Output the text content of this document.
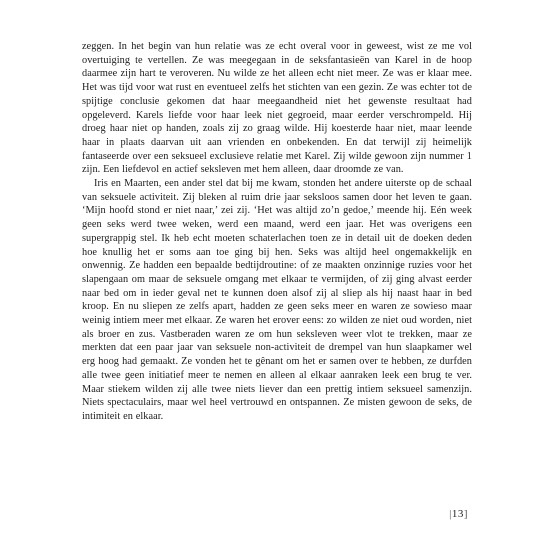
zeggen. In het begin van hun relatie was ze echt overal voor in geweest, wist ze me vol overtuiging te vertellen. Ze was meegegaan in de seksfantasieën van Karel in de hoop daarmee zijn hart te veroveren. Nu wilde ze het alleen echt niet meer. Ze was er klaar mee. Het was tijd voor wat rust en eventueel zelfs het stichten van een gezin. Ze was echter tot de spijtige conclusie gekomen dat haar meegaandheid niet het gewenste resultaat had opgeleverd. Karels liefde voor haar leek niet gegroeid, maar eerder verschrompeld. Hij droeg haar niet op handen, zoals zij zo graag wilde. Hij koesterde haar niet, maar leende haar in plaats daarvan uit aan vrienden en onbekenden. En dat terwijl zij heimelijk fantaseerde over een seksueel exclusieve relatie met Karel. Zij wilde gewoon zijn nummer 1 zijn. Een liefdevol en actief seksleven met hem alleen, daar droomde ze van.

Iris en Maarten, een ander stel dat bij me kwam, stonden het andere uiterste op de schaal van seksuele activiteit. Zij bleken al ruim drie jaar seksloos samen door het leven te gaan. ‘Mijn hoofd stond er niet naar,’ zei zij. ‘Het was altijd zo’n gedoe,’ meende hij. Eén week geen seks werd twee weken, werd een maand, werd een jaar. Het was overigens een supergrappig stel. Ik heb echt moeten schaterlachen toen ze in detail uit de doeken deden hoe knullig het er soms aan toe ging bij hen. Seks was altijd heel ongemakkelijk en onwennig. Ze hadden een bepaalde bedtijdroutine: of ze maakten onzinnige ruzies voor het slapengaan om maar de seksuele omgang met elkaar te vermijden, of zij ging alvast eerder naar bed om in ieder geval net te kunnen doen alsof zij al sliep als hij naast haar in bed kroop. En nu sliepen ze zelfs apart, hadden ze geen seks meer en waren ze sowieso maar weinig intiem meer met elkaar. Ze waren het erover eens: zo wilden ze niet oud worden, niet als broer en zus. Vastberaden waren ze om hun seksleven weer vlot te trekken, maar ze merkten dat een paar jaar van seksuele non-activiteit de drempel van hun slaapkamer wel erg hoog had gemaakt. Ze vonden het te gênant om het er samen over te hebben, ze durfden alle twee geen initiatief meer te nemen en alleen al elkaar aanraken leek een brug te ver. Maar stiekem wilden zij alle twee niets liever dan een prettig intiem seksueel samenzijn. Niets spectaculairs, maar wel heel vertrouwd en ontspannen. Ze misten gewoon de seks, de intimiteit en elkaar.

|13]
